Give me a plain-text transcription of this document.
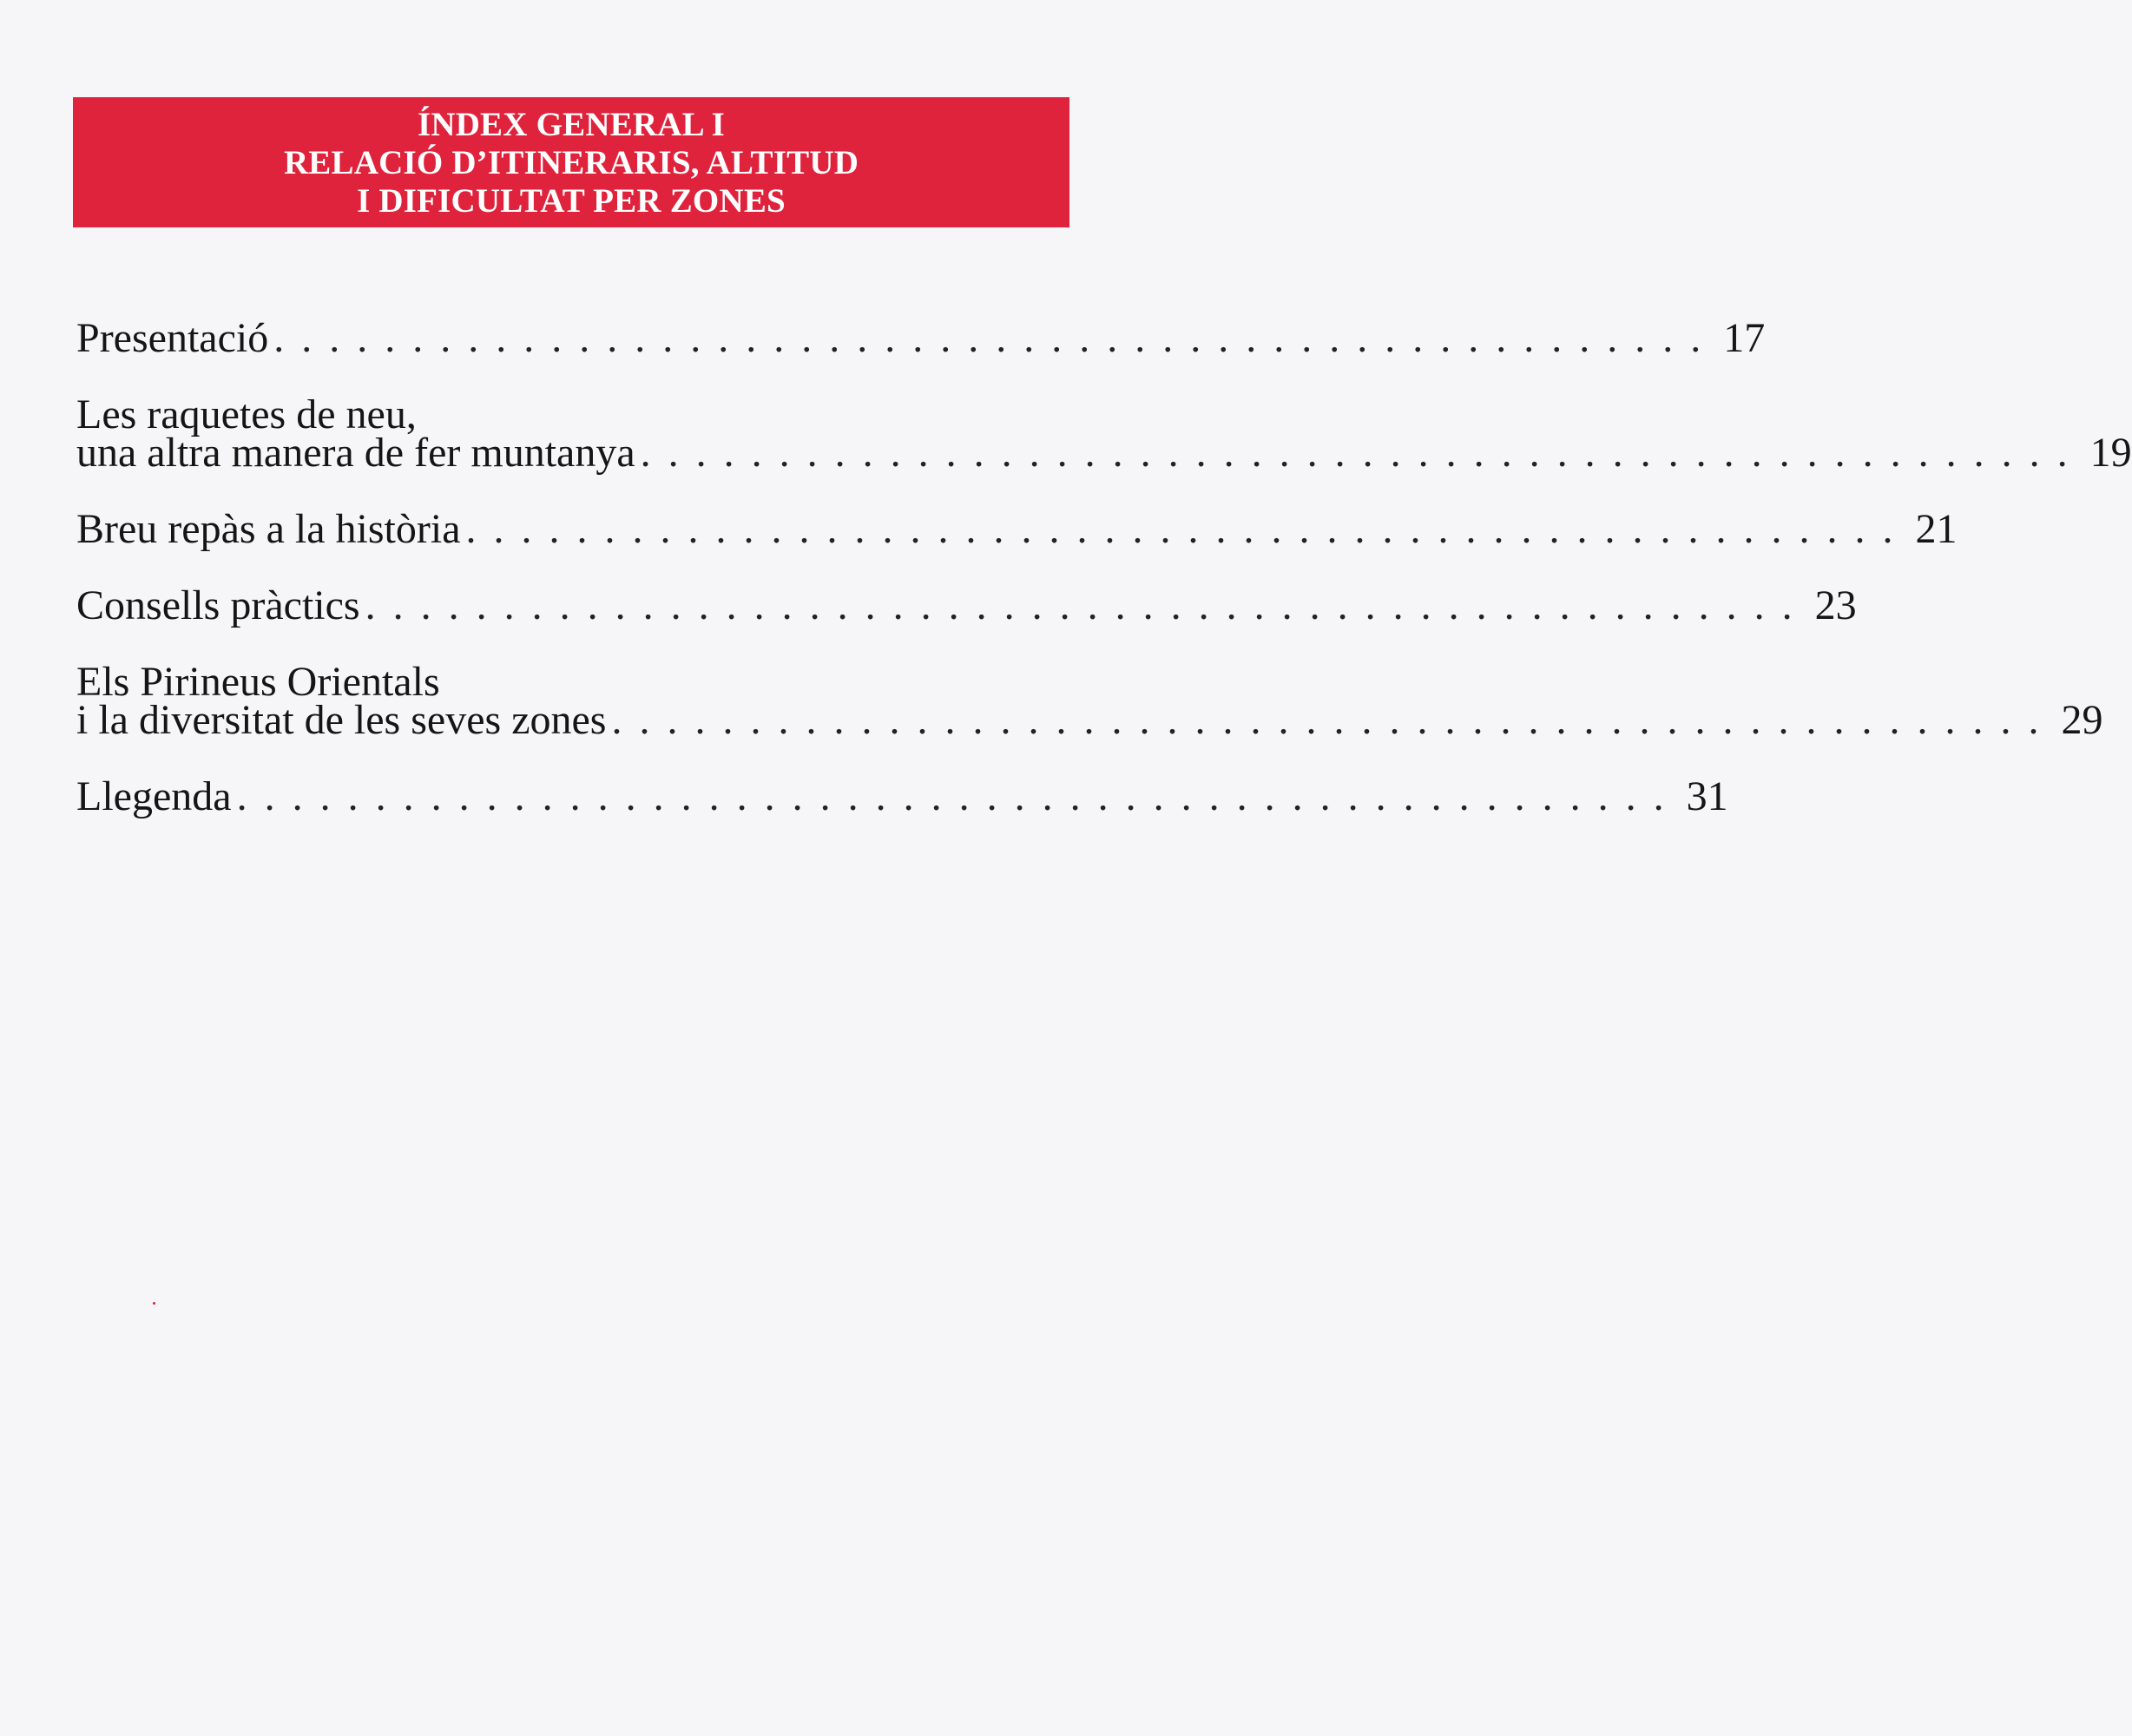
ÍNDEX GENERAL I
RELACIÓ D’ITINERARIS, ALTITUD
I DIFICULTAT PER ZONES
Presentació . . . . . . . . . . . . . . . . . . . . . . . . . . . . . . . . . . . . . . . . . . . . . . . . . . . . 17
Les raquetes de neu,
una altra manera de fer muntanya . . . . . . . . . . . . . . . . . . . . . . . . . . . . . . . . . . . . . . . . . . . . . . . . . . . . 19
Breu repàs a la història . . . . . . . . . . . . . . . . . . . . . . . . . . . . . . . . . . . . . . . . . . . . . . . . . . . . 21
Consells pràctics . . . . . . . . . . . . . . . . . . . . . . . . . . . . . . . . . . . . . . . . . . . . . . . . . . . . 23
Els Pirineus Orientals
i la diversitat de les seves zones . . . . . . . . . . . . . . . . . . . . . . . . . . . . . . . . . . . . . . . . . . . . . . . . . . . . 29
Llegenda . . . . . . . . . . . . . . . . . . . . . . . . . . . . . . . . . . . . . . . . . . . . . . . . . . . . 31
